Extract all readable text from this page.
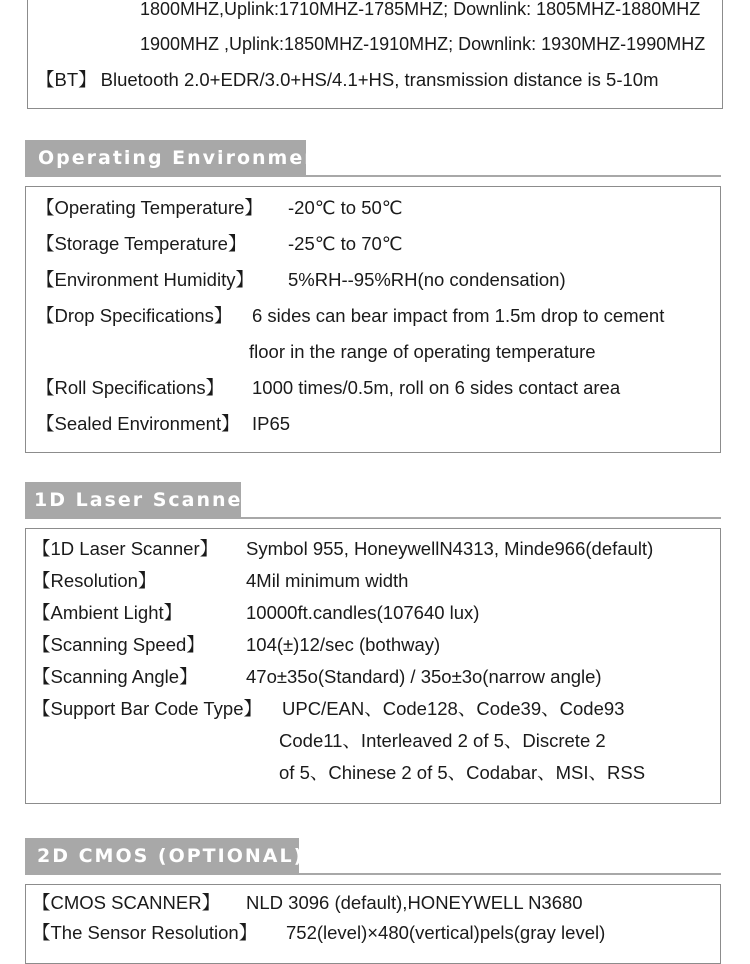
1800MHZ,Uplink:1710MHZ-1785MHZ; Downlink: 1805MHZ-1880MHZ
1900MHZ ,Uplink:1850MHZ-1910MHZ; Downlink: 1930MHZ-1990MHZ
【BT】 Bluetooth 2.0+EDR/3.0+HS/4.1+HS, transmission distance is 5-10m
Operating Environmen
【Operating Temperature】 -20℃ to 50℃
【Storage Temperature】 -25℃ to 70℃
【Environment Humidity】 5%RH--95%RH(no condensation)
【Drop Specifications】 6 sides can bear impact from 1.5m drop to cement
floor in the range of operating temperature
【Roll Specifications】 1000 times/0.5m, roll on 6 sides contact area
【Sealed Environment】 IP65
1D Laser Scanner
【1D Laser Scanner】 Symbol 955, HoneywellN4313, Minde966(default)
【Resolution】	4Mil minimum width
【Ambient Light】	10000ft.candles(107640 lux)
【Scanning Speed】 104(±)12/sec (bothway)
【Scanning Angle】	47o±35o(Standard) / 35o±3o(narrow angle)
【Support Bar Code Type】 UPC/EAN、Code128、Code39、Code93
Code11、Interleaved 2 of 5、Discrete 2
of 5、Chinese 2 of 5、Codabar、MSI、RSS
2D CMOS (OPTIONAL)
【CMOS SCANNER】 NLD 3096 (default),HONEYWELL N3680
【The Sensor Resolution】 752(level)×480(vertical)pels(gray level)
